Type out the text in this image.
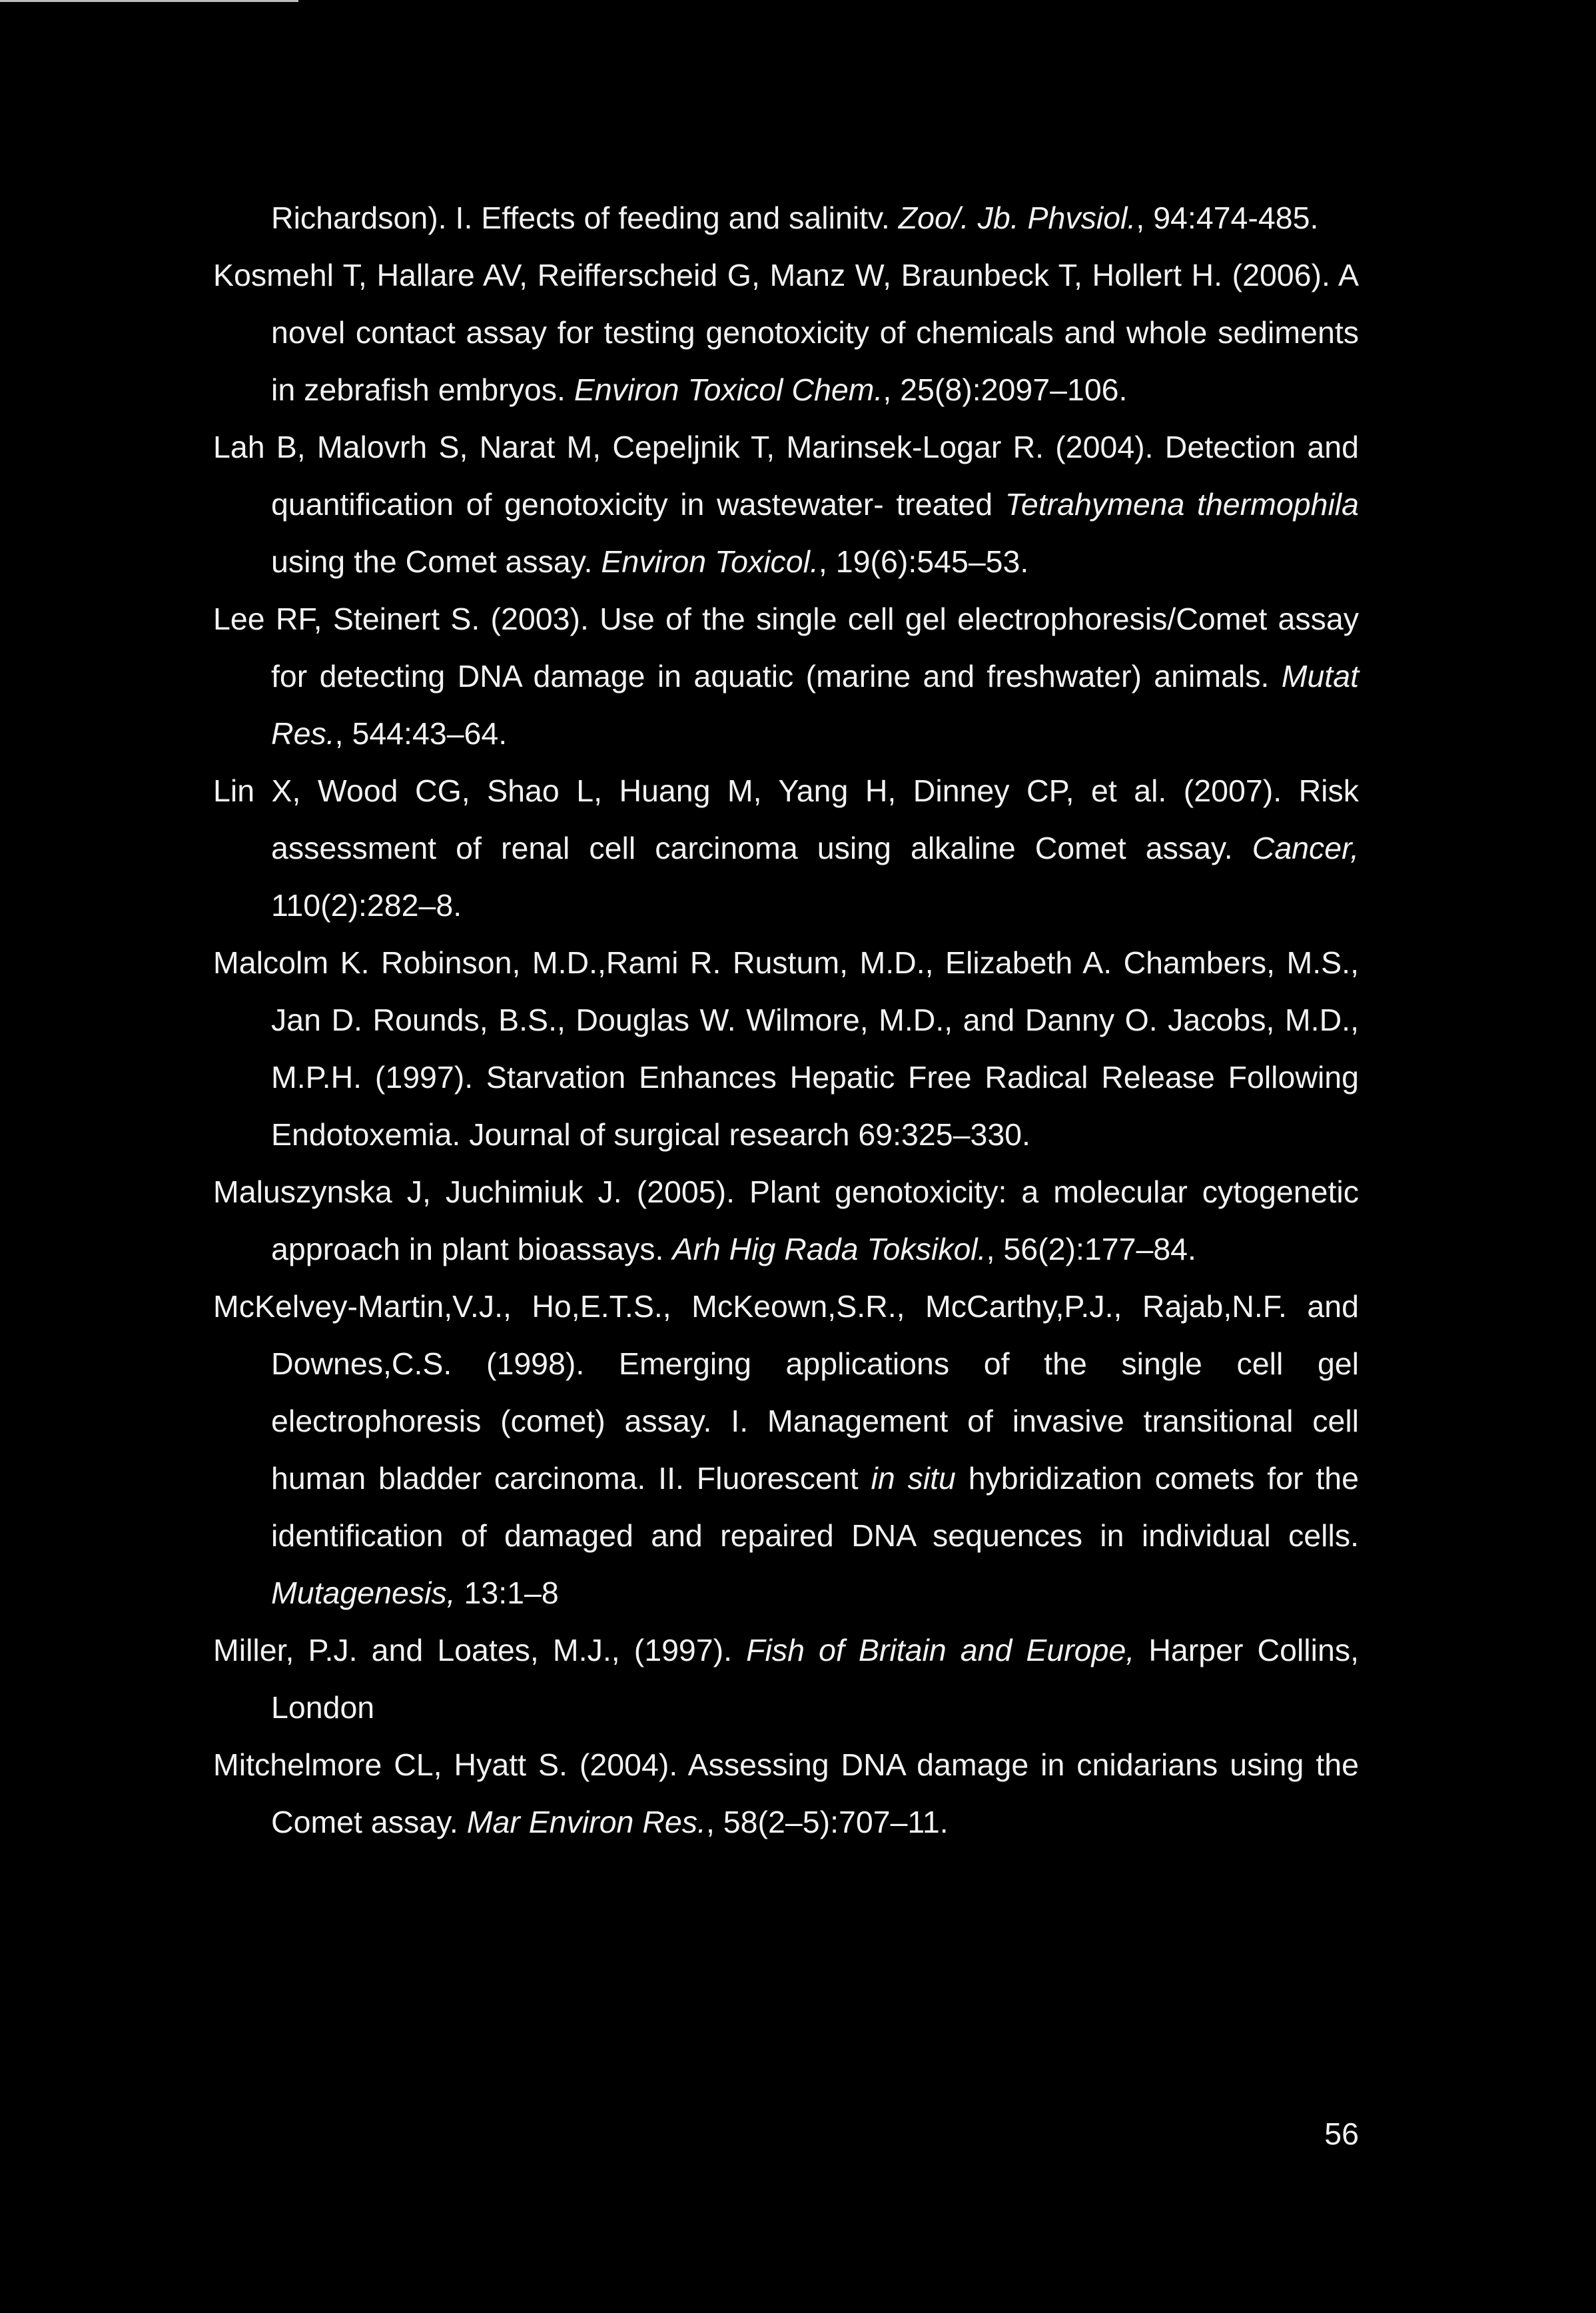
Richardson). I. Effects of feeding and salinitv. Zoo/. Jb. Phvsiol., 94:474-485.

Kosmehl T, Hallare AV, Reifferscheid G, Manz W, Braunbeck T, Hollert H. (2006). A novel contact assay for testing genotoxicity of chemicals and whole sediments in zebrafish embryos. Environ Toxicol Chem., 25(8):2097–106.

Lah B, Malovrh S, Narat M, Cepeljnik T, Marinsek-Logar R. (2004). Detection and quantification of genotoxicity in wastewater- treated Tetrahymena thermophila using the Comet assay. Environ Toxicol., 19(6):545–53.

Lee RF, Steinert S. (2003). Use of the single cell gel electrophoresis/Comet assay for detecting DNA damage in aquatic (marine and freshwater) animals. Mutat Res., 544:43–64.

Lin X, Wood CG, Shao L, Huang M, Yang H, Dinney CP, et al. (2007). Risk assessment of renal cell carcinoma using alkaline Comet assay. Cancer, 110(2):282–8.

Malcolm K. Robinson, M.D.,Rami R. Rustum, M.D., Elizabeth A. Chambers, M.S., Jan D. Rounds, B.S., Douglas W. Wilmore, M.D., and Danny O. Jacobs, M.D., M.P.H. (1997). Starvation Enhances Hepatic Free Radical Release Following Endotoxemia. Journal of surgical research 69:325–330.

Maluszynska J, Juchimiuk J. (2005). Plant genotoxicity: a molecular cytogenetic approach in plant bioassays. Arh Hig Rada Toksikol., 56(2):177–84.

McKelvey-Martin,V.J., Ho,E.T.S., McKeown,S.R., McCarthy,P.J., Rajab,N.F. and Downes,C.S. (1998). Emerging applications of the single cell gel electrophoresis (comet) assay. I. Management of invasive transitional cell human bladder carcinoma. II. Fluorescent in situ hybridization comets for the identification of damaged and repaired DNA sequences in individual cells. Mutagenesis, 13:1–8

Miller, P.J. and Loates, M.J., (1997). Fish of Britain and Europe, Harper Collins, London

Mitchelmore CL, Hyatt S. (2004). Assessing DNA damage in cnidarians using the Comet assay. Mar Environ Res., 58(2–5):707–11.

56
